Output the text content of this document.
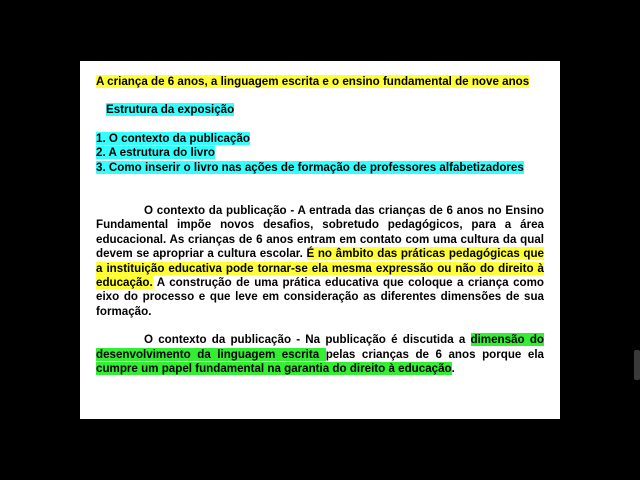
A criança de 6 anos, a linguagem escrita e o ensino fundamental de nove anos

Estrutura da exposição

1. O contexto da publicação

2. A estrutura do livro

3. Como inserir o livro nas ações de formação de professores alfabetizadores

O contexto da publicação - A entrada das crianças de 6 anos no Ensino Fundamental impõe novos desafios, sobretudo pedagógicos, para a área educacional. As crianças de 6 anos entram em contato com uma cultura da qual devem se apropriar a cultura escolar. É no âmbito das práticas pedagógicas que a instituição educativa pode tornar-se ela mesma expressão ou não do direito à educação. A construção de uma prática educativa que coloque a criança como eixo do processo e que leve em consideração as diferentes dimensões de sua formação.

O contexto da publicação - Na publicação é discutida a dimensão do desenvolvimento da linguagem escrita pelas crianças de 6 anos porque ela cumpre um papel fundamental na garantia do direito à educação.
